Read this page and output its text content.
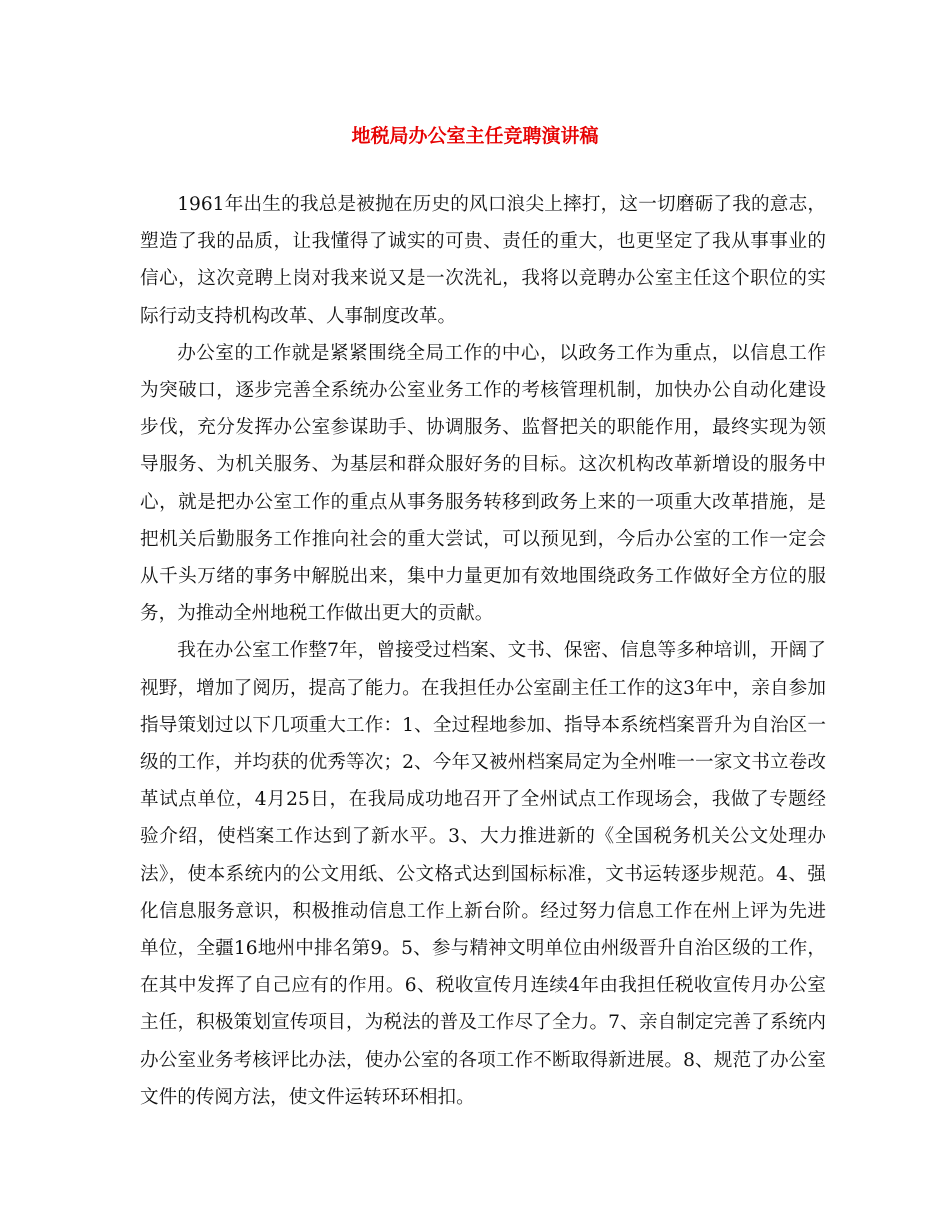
地税局办公室主任竞聘演讲稿

1961年出生的我总是被抛在历史的风口浪尖上摔打，这一切磨砺了我的意志，塑造了我的品质，让我懂得了诚实的可贵、责任的重大，也更坚定了我从事事业的信心，这次竞聘上岗对我来说又是一次洗礼，我将以竞聘办公室主任这个职位的实际行动支持机构改革、人事制度改革。

办公室的工作就是紧紧围绕全局工作的中心，以政务工作为重点，以信息工作为突破口，逐步完善全系统办公室业务工作的考核管理机制，加快办公自动化建设步伐，充分发挥办公室参谋助手、协调服务、监督把关的职能作用，最终实现为领导服务、为机关服务、为基层和群众服好务的目标。这次机构改革新增设的服务中心，就是把办公室工作的重点从事务服务转移到政务上来的一项重大改革措施，是把机关后勤服务工作推向社会的重大尝试，可以预见到，今后办公室的工作一定会从千头万绪的事务中解脱出来，集中力量更加有效地围绕政务工作做好全方位的服务，为推动全州地税工作做出更大的贡献。

我在办公室工作整7年，曾接受过档案、文书、保密、信息等多种培训，开阔了视野，增加了阅历，提高了能力。在我担任办公室副主任工作的这3年中，亲自参加指导策划过以下几项重大工作：1、全过程地参加、指导本系统档案晋升为自治区一级的工作，并均获的优秀等次；2、今年又被州档案局定为全州唯一一家文书立卷改革试点单位，4月25日，在我局成功地召开了全州试点工作现场会，我做了专题经验介绍，使档案工作达到了新水平。3、大力推进新的《全国税务机关公文处理办法》，使本系统内的公文用纸、公文格式达到国标标准，文书运转逐步规范。4、强化信息服务意识，积极推动信息工作上新台阶。经过努力信息工作在州上评为先进单位，全疆16地州中排名第9。5、参与精神文明单位由州级晋升自治区级的工作，在其中发挥了自己应有的作用。6、税收宣传月连续4年由我担任税收宣传月办公室主任，积极策划宣传项目，为税法的普及工作尽了全力。7、亲自制定完善了系统内办公室业务考核评比办法，使办公室的各项工作不断取得新进展。8、规范了办公室文件的传阅方法，使文件运转环环相扣。
